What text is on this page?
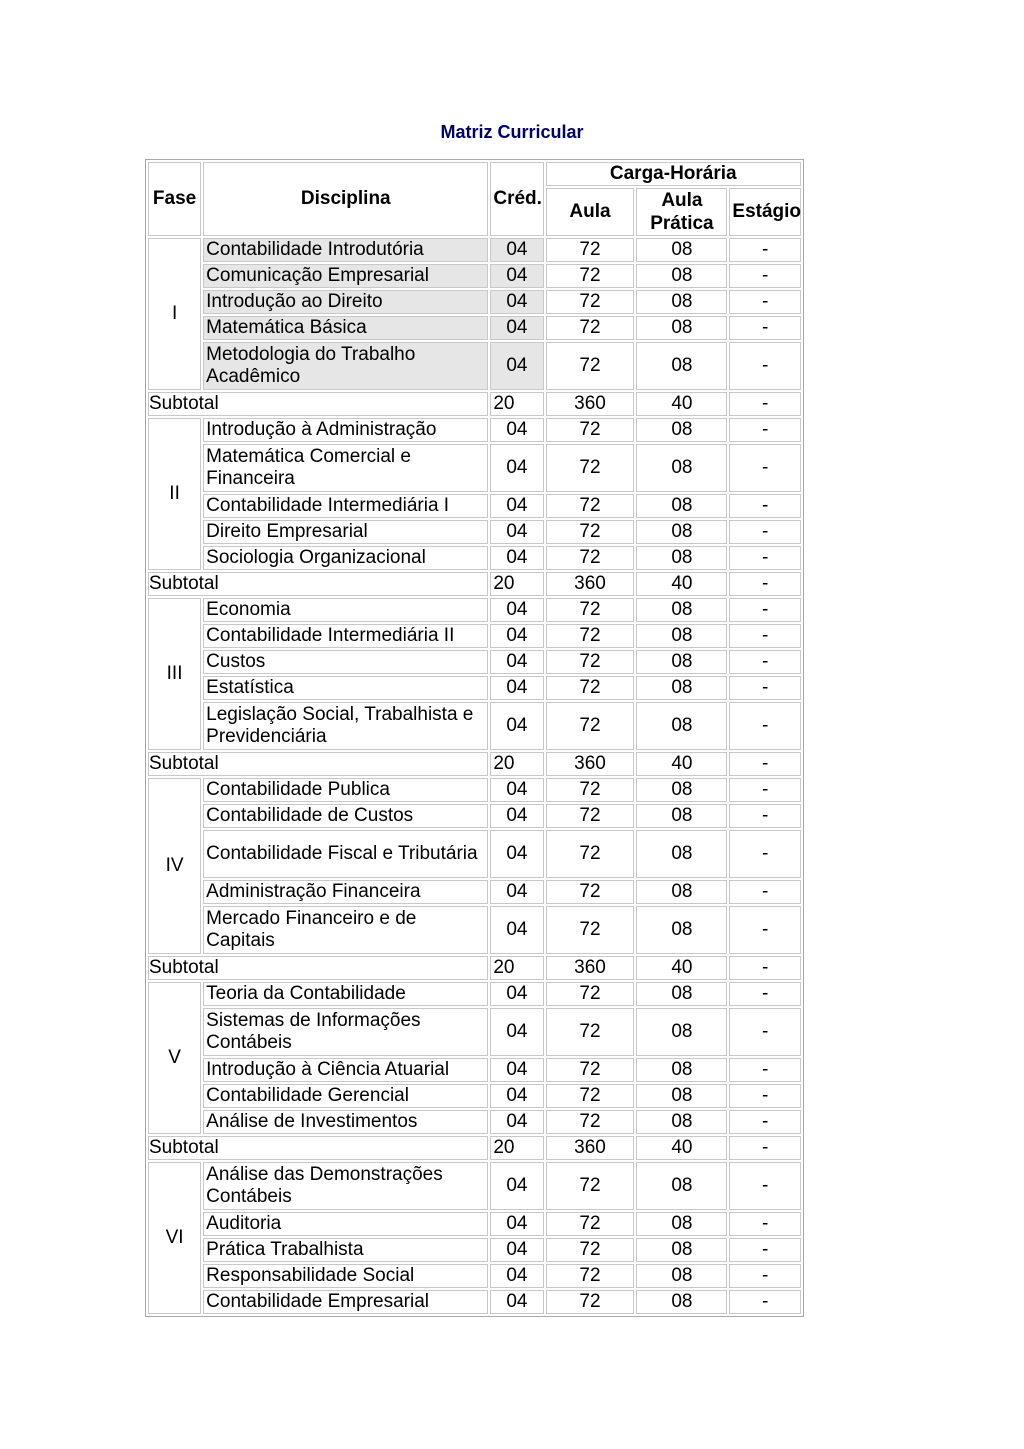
Matriz Curricular
Fase	Disciplina	Créd.	Carga-Horária		
			Aula	Aula Prática	Estágio

I	Contabilidade Introdutória	04	72	08	-
	Comunicação Empresarial	04	72	08	-
	Introdução ao Direito	04	72	08	-
	Matemática Básica	04	72	08	-
	Metodologia do Trabalho Acadêmico	04	72	08	-
Subtotal		20	360	40	-
II	Introdução à Administração	04	72	08	-
	Matemática Comercial e Financeira	04	72	08	-
	Contabilidade Intermediária I	04	72	08	-
	Direito Empresarial	04	72	08	-
	Sociologia Organizacional	04	72	08	-
Subtotal		20	360	40	-
III	Economia	04	72	08	-
	Contabilidade Intermediária II	04	72	08	-
	Custos	04	72	08	-
	Estatística	04	72	08	-
	Legislação Social, Trabalhista e Previdenciária	04	72	08	-
Subtotal		20	360	40	-
IV	Contabilidade Publica	04	72	08	-
	Contabilidade de Custos	04	72	08	-
	Contabilidade Fiscal e Tributária	04	72	08	-
	Administração Financeira	04	72	08	-
	Mercado Financeiro e de Capitais	04	72	08	-
Subtotal		20	360	40	-
V	Teoria da Contabilidade	04	72	08	-
	Sistemas de Informações Contábeis	04	72	08	-
	Introdução à Ciência Atuarial	04	72	08	-
	Contabilidade Gerencial	04	72	08	-
	Análise de Investimentos	04	72	08	-
Subtotal		20	360	40	-
VI	Análise das Demonstrações Contábeis	04	72	08	-
	Auditoria	04	72	08	-
	Prática Trabalhista	04	72	08	-
	Responsabilidade Social	04	72	08	-
	Contabilidade Empresarial	04	72	08	-
